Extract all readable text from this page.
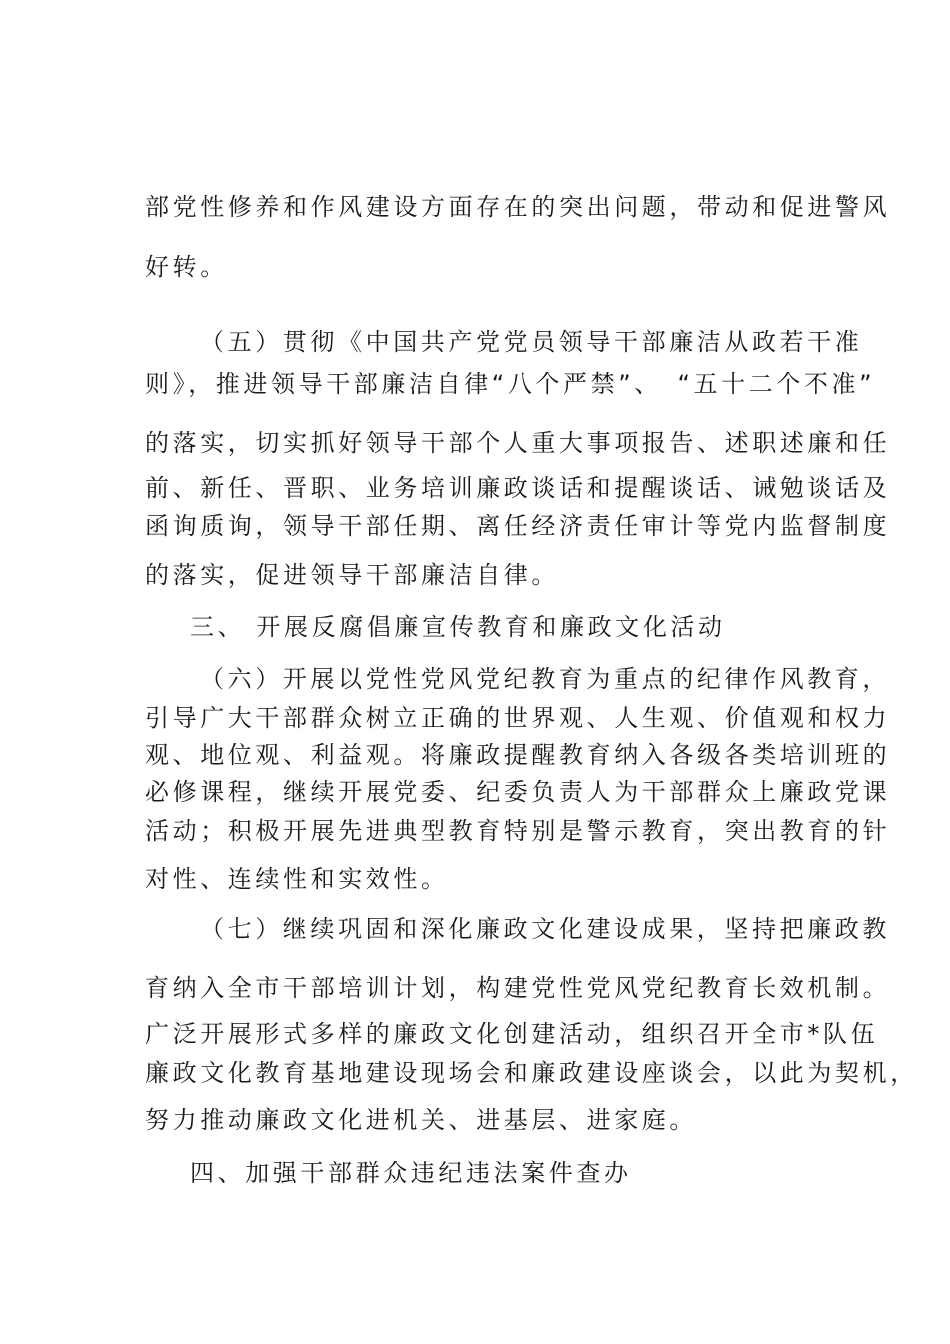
部党性修养和作风建设方面存在的突出问题，带动和促进警风
好转。
（五）贯彻《中国共产党党员领导干部廉洁从政若干准
则》，推进领导干部廉洁自律“八个严禁”、　“五十二个不准”
的落实，切实抓好领导干部个人重大事项报告、述职述廉和任
前、新任、晋职、业务培训廉政谈话和提醒谈话、诫勉谈话及
函询质询，领导干部任期、离任经济责任审计等党内监督制度
的落实，促进领导干部廉洁自律。
三、 开展反腐倡廉宣传教育和廉政文化活动
（六）开展以党性党风党纪教育为重点的纪律作风教育，
引导广大干部群众树立正确的世界观、人生观、价值观和权力
观、地位观、利益观。将廉政提醒教育纳入各级各类培训班的
必修课程，继续开展党委、纪委负责人为干部群众上廉政党课
活动；积极开展先进典型教育特别是警示教育，突出教育的针
对性、连续性和实效性。
（七）继续巩固和深化廉政文化建设成果，坚持把廉政教
育纳入全市干部培训计划，构建党性党风党纪教育长效机制。
广泛开展形式多样的廉政文化创建活动，组织召开全市*队伍
廉政文化教育基地建设现场会和廉政建设座谈会，以此为契机，
努力推动廉政文化进机关、进基层、进家庭。
四、加强干部群众违纪违法案件查办
